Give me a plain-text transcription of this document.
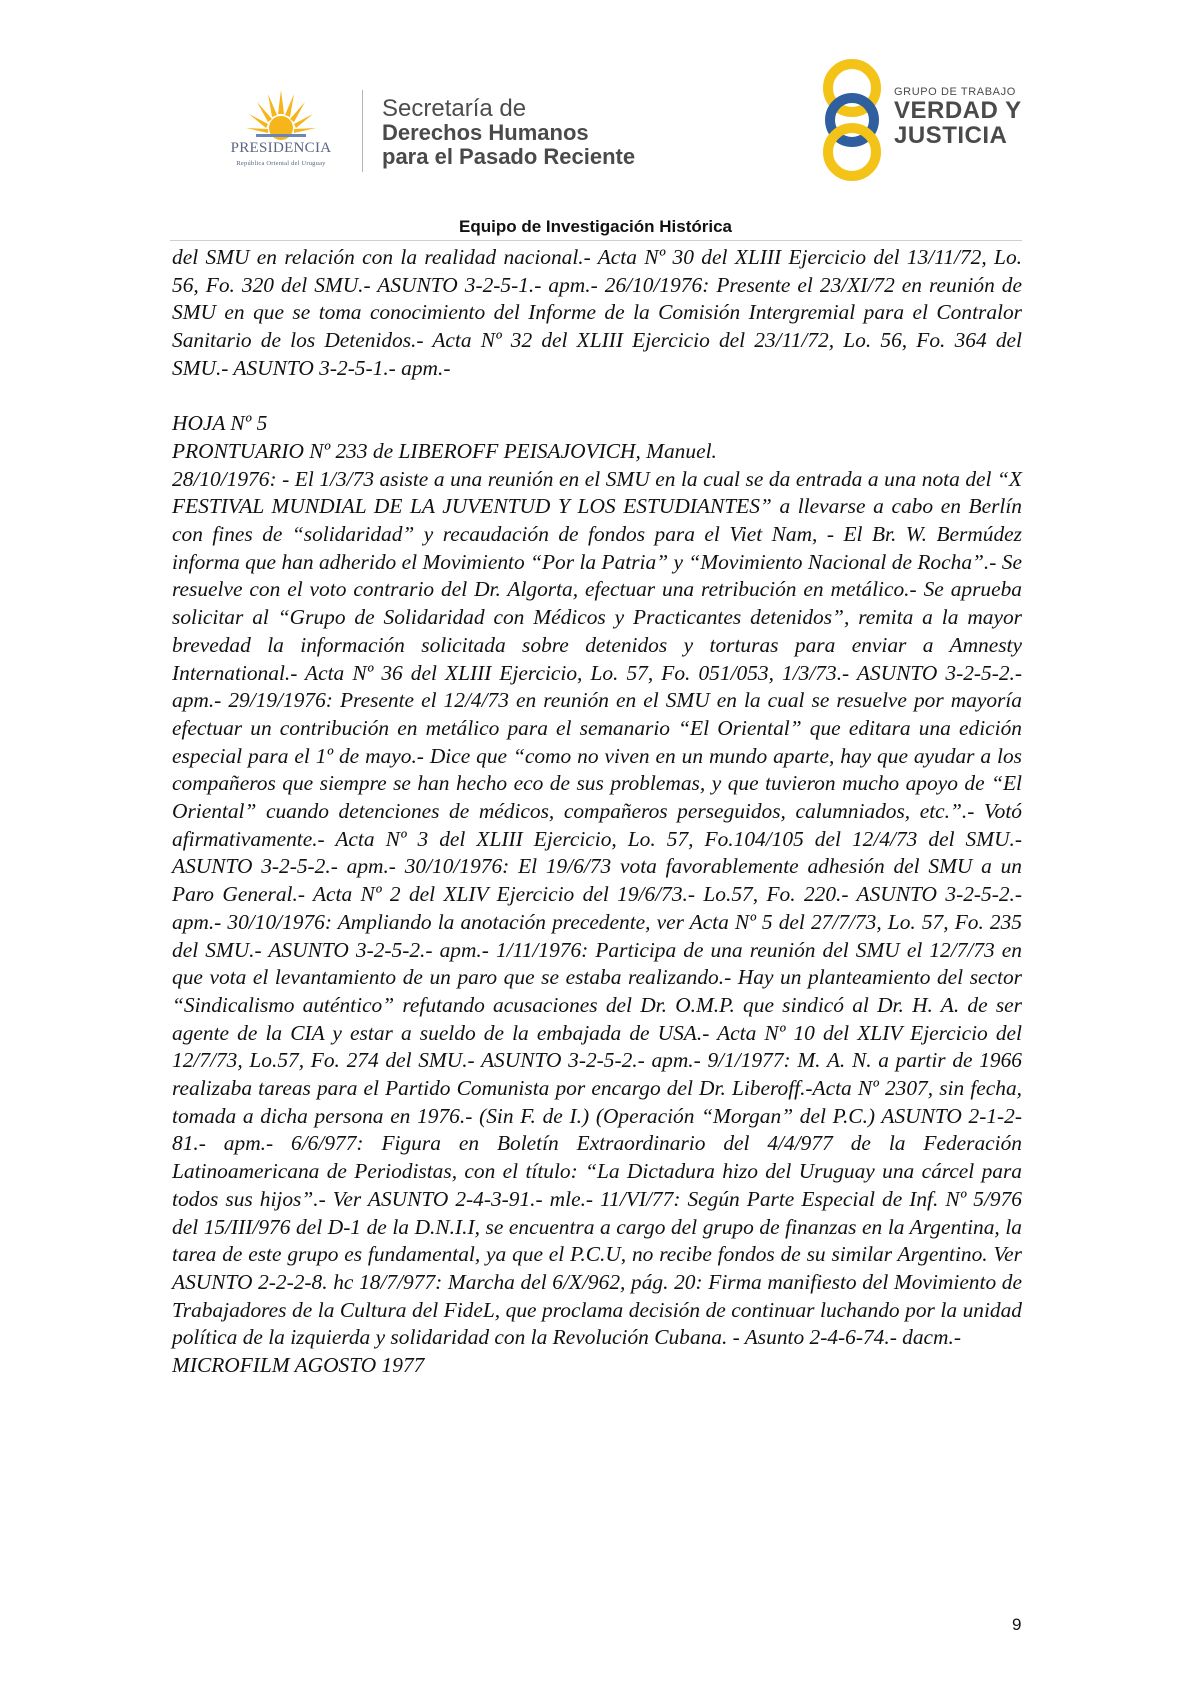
PRESIDENCIA
República Oriental del Uruguay
Secretaría de
Derechos Humanos
para el Pasado Reciente
GRUPO DE TRABAJO
VERDAD Y
JUSTICIA
Equipo de Investigación Histórica

del SMU en relación con la realidad nacional.- Acta Nº 30 del XLIII Ejercicio del 13/11/72, Lo. 56, Fo. 320 del SMU.- ASUNTO 3-2-5-1.- apm.- 26/10/1976: Presente el 23/XI/72 en reunión de SMU en que se toma conocimiento del Informe de la Comisión Intergremial para el Contralor Sanitario de los Detenidos.- Acta Nº 32 del XLIII Ejercicio del 23/11/72, Lo. 56, Fo. 364 del SMU.- ASUNTO 3-2-5-1.- apm.-

HOJA Nº 5

PRONTUARIO Nº 233 de LIBEROFF PEISAJOVICH, Manuel.

28/10/1976: - El 1/3/73 asiste a una reunión en el SMU en la cual se da entrada a una nota del “X FESTIVAL MUNDIAL DE LA JUVENTUD Y LOS ESTUDIANTES” a llevarse a cabo en Berlín con fines de “solidaridad” y recaudación de fondos para el Viet Nam, - El Br. W. Bermúdez informa que han adherido el Movimiento “Por la Patria” y “Movimiento Nacional de Rocha”.- Se resuelve con el voto contrario del Dr. Algorta, efectuar una retribución en metálico.- Se aprueba solicitar al “Grupo de Solidaridad con Médicos y Practicantes detenidos”, remita a la mayor brevedad la información solicitada sobre detenidos y torturas para enviar a Amnesty International.- Acta Nº 36 del XLIII Ejercicio, Lo. 57, Fo. 051/053, 1/3/73.- ASUNTO 3-2-5-2.- apm.- 29/19/1976: Presente el 12/4/73 en reunión en el SMU en la cual se resuelve por mayoría efectuar un contribución en metálico para el semanario “El Oriental” que editara una edición especial para el 1º de mayo.- Dice que “como no viven en un mundo aparte, hay que ayudar a los compañeros que siempre se han hecho eco de sus problemas, y que tuvieron mucho apoyo de “El Oriental” cuando detenciones de médicos, compañeros perseguidos, calumniados, etc.”.- Votó afirmativamente.- Acta Nº 3 del XLIII Ejercicio, Lo. 57, Fo.104/105 del 12/4/73 del SMU.- ASUNTO 3-2-5-2.- apm.- 30/10/1976: El 19/6/73 vota favorablemente adhesión del SMU a un Paro General.- Acta Nº 2 del XLIV Ejercicio del 19/6/73.- Lo.57, Fo. 220.- ASUNTO 3-2-5-2.-apm.- 30/10/1976: Ampliando la anotación precedente, ver Acta Nº 5 del 27/7/73, Lo. 57, Fo. 235 del SMU.- ASUNTO 3-2-5-2.- apm.- 1/11/1976: Participa de una reunión del SMU el 12/7/73 en que vota el levantamiento de un paro que se estaba realizando.- Hay un planteamiento del sector “Sindicalismo auténtico” refutando acusaciones del Dr. O.M.P. que sindicó al Dr. H. A. de ser agente de la CIA y estar a sueldo de la embajada de USA.- Acta Nº 10 del XLIV Ejercicio del 12/7/73, Lo.57, Fo. 274 del SMU.- ASUNTO 3-2-5-2.- apm.- 9/1/1977: M. A. N. a partir de 1966 realizaba tareas para el Partido Comunista por encargo del Dr. Liberoff.-Acta Nº 2307, sin fecha, tomada a dicha persona en 1976.- (Sin F. de I.) (Operación “Morgan” del P.C.) ASUNTO 2-1-2-81.- apm.- 6/6/977: Figura en Boletín Extraordinario del 4/4/977 de la Federación Latinoamericana de Periodistas, con el título: “La Dictadura hizo del Uruguay una cárcel para todos sus hijos”.- Ver ASUNTO 2-4-3-91.- mle.- 11/VI/77: Según Parte Especial de Inf. Nº 5/976 del 15/III/976 del D-1 de la D.N.I.I, se encuentra a cargo del grupo de finanzas en la Argentina, la tarea de este grupo es fundamental, ya que el P.C.U, no recibe fondos de su similar Argentino. Ver ASUNTO 2-2-2-8. hc 18/7/977: Marcha del 6/X/962, pág. 20: Firma manifiesto del Movimiento de Trabajadores de la Cultura del FideL, que proclama decisión de continuar luchando por la unidad política de la izquierda y solidaridad con la Revolución Cubana. - Asunto 2-4-6-74.- dacm.-

MICROFILM AGOSTO 1977

9
